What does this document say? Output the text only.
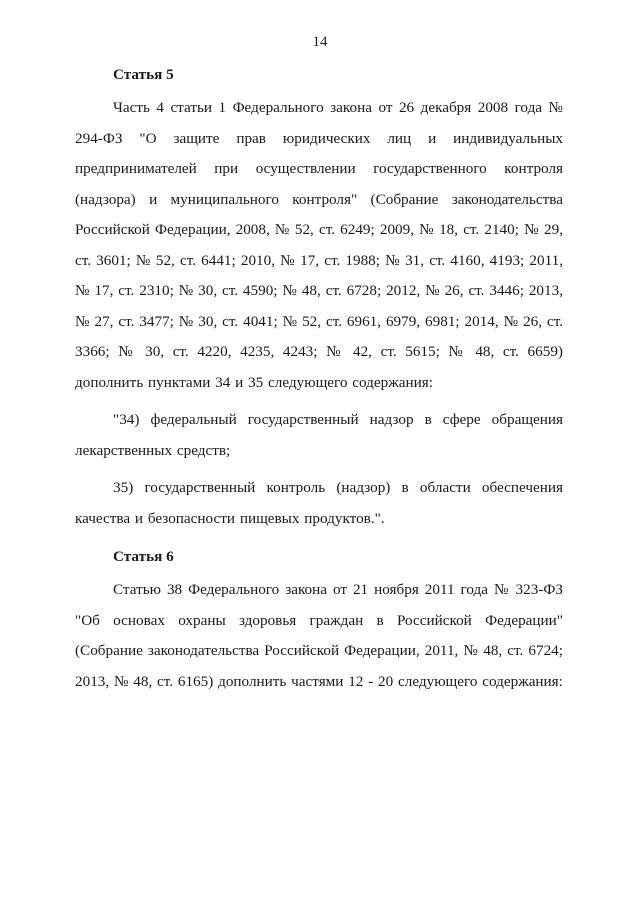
14
Статья 5

Часть 4 статьи 1 Федерального закона от 26 декабря 2008 года № 294-ФЗ "О защите прав юридических лиц и индивидуальных предпринимателей при осуществлении государственного контроля (надзора) и муниципального контроля" (Собрание законодательства Российской Федерации, 2008, № 52, ст. 6249; 2009, № 18, ст. 2140; № 29, ст. 3601; № 52, ст. 6441; 2010, № 17, ст. 1988; № 31, ст. 4160, 4193; 2011, № 17, ст. 2310; № 30, ст. 4590; № 48, ст. 6728; 2012, № 26, ст. 3446; 2013, № 27, ст. 3477; № 30, ст. 4041; № 52, ст. 6961, 6979, 6981; 2014, № 26, ст. 3366; № 30, ст. 4220, 4235, 4243; № 42, ст. 5615; № 48, ст. 6659) дополнить пунктами 34 и 35 следующего содержания:

"34) федеральный государственный надзор в сфере обращения лекарственных средств;

35) государственный контроль (надзор) в области обеспечения качества и безопасности пищевых продуктов.".

Статья 6

Статью 38 Федерального закона от 21 ноября 2011 года № 323-ФЗ "Об основах охраны здоровья граждан в Российской Федерации" (Собрание законодательства Российской Федерации, 2011, № 48, ст. 6724; 2013, № 48, ст. 6165) дополнить частями 12 - 20 следующего содержания:
